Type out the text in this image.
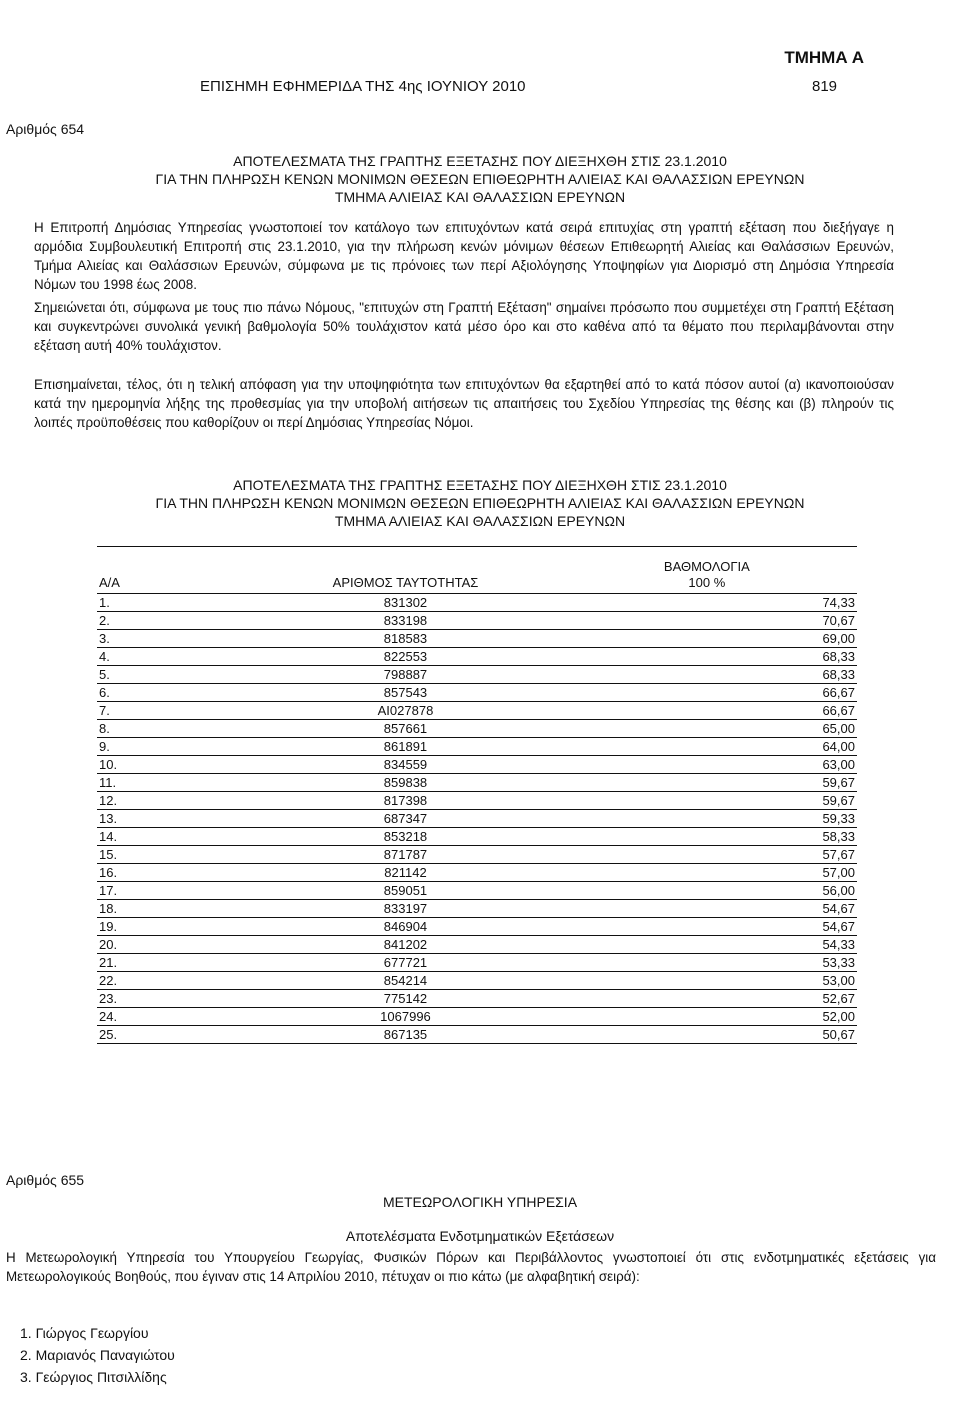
ΤΜΗΜΑ Α
ΕΠΙΣΗΜΗ ΕΦΗΜΕΡΙΔΑ ΤΗΣ 4ης ΙΟΥΝΙΟΥ 2010	819
Αριθμός 654
ΑΠΟΤΕΛΕΣΜΑΤΑ ΤΗΣ ΓΡΑΠΤΗΣ ΕΞΕΤΑΣΗΣ ΠΟΥ ΔΙΕΞΗΧΘΗ ΣΤΙΣ 23.1.2010
ΓΙΑ ΤΗΝ ΠΛΗΡΩΣΗ ΚΕΝΩΝ ΜΟΝΙΜΩΝ ΘΕΣΕΩΝ ΕΠΙΘΕΩΡΗΤΗ ΑΛΙΕΙΑΣ ΚΑΙ ΘΑΛΑΣΣΙΩΝ ΕΡΕΥΝΩΝ
ΤΜΗΜΑ ΑΛΙΕΙΑΣ ΚΑΙ ΘΑΛΑΣΣΙΩΝ ΕΡΕΥΝΩΝ

Η Επιτροπή Δημόσιας Υπηρεσίας γνωστοποιεί τον κατάλογο των επιτυχόντων κατά σειρά επιτυχίας στη γραπτή εξέταση που διεξήγαγε η αρμόδια Συμβουλευτική Επιτροπή στις 23.1.2010, για την πλήρωση κενών μόνιμων θέσεων Επιθεωρητή Αλιείας και Θαλάσσιων Ερευνών, Τμήμα Αλιείας και Θαλάσσιων Ερευνών, σύμφωνα με τις πρόνοιες των περί Αξιολόγησης Υποψηφίων για Διορισμό στη Δημόσια Υπηρεσία Νόμων του 1998 έως 2008.

Σημειώνεται ότι, σύμφωνα με τους πιο πάνω Νόμους, "επιτυχών στη Γραπτή Εξέταση" σημαίνει πρόσωπο που συμμετέχει στη Γραπτή Εξέταση και συγκεντρώνει συνολικά γενική βαθμολογία 50% τουλάχιστον κατά μέσο όρο και στο καθένα από τα θέματο που περιλαμβάνονται στην εξέταση αυτή 40% τουλάχιστον.

Επισημαίνεται, τέλος, ότι η τελική απόφαση για την υποψηφιότητα των επιτυχόντων θα εξαρτηθεί από το κατά πόσον αυτοί (α) ικανοποιούσαν κατά την ημερομηνία λήξης της προθεσμίας για την υποβολή αιτήσεων τις απαιτήσεις του Σχεδίου Υπηρεσίας της θέσης και (β) πληρούν τις λοιπές προϋποθέσεις που καθορίζουν οι περί Δημόσιας Υπηρεσίας Νόμοι.

ΑΠΟΤΕΛΕΣΜΑΤΑ ΤΗΣ ΓΡΑΠΤΗΣ ΕΞΕΤΑΣΗΣ ΠΟΥ ΔΙΕΞΗΧΘΗ ΣΤΙΣ 23.1.2010
ΓΙΑ ΤΗΝ ΠΛΗΡΩΣΗ ΚΕΝΩΝ ΜΟΝΙΜΩΝ ΘΕΣΕΩΝ ΕΠΙΘΕΩΡΗΤΗ ΑΛΙΕΙΑΣ ΚΑΙ ΘΑΛΑΣΣΙΩΝ ΕΡΕΥΝΩΝ
ΤΜΗΜΑ ΑΛΙΕΙΑΣ ΚΑΙ ΘΑΛΑΣΣΙΩΝ ΕΡΕΥΝΩΝ
Α/Α	ΑΡΙΘΜΟΣ ΤΑΥΤΟΤΗΤΑΣ	ΒΑΘΜΟΛΟΓΙΑ
100 %

1.	831302	74,33
2.	833198	70,67
3.	818583	69,00
4.	822553	68,33
5.	798887	68,33
6.	857543	66,67
7.	AI027878	66,67
8.	857661	65,00
9.	861891	64,00
10.	834559	63,00
11.	859838	59,67
12.	817398	59,67
13.	687347	59,33
14.	853218	58,33
15.	871787	57,67
16.	821142	57,00
17.	859051	56,00
18.	833197	54,67
19.	846904	54,67
20.	841202	54,33
21.	677721	53,33
22.	854214	53,00
23.	775142	52,67
24.	1067996	52,00
25.	867135	50,67
Αριθμός 655
ΜΕΤΕΩΡΟΛΟΓΙΚΗ ΥΠΗΡΕΣΙΑ
Αποτελέσματα Ενδοτμηματικών Εξετάσεων

Η Μετεωρολογική Υπηρεσία του Υπουργείου Γεωργίας, Φυσικών Πόρων και Περιβάλλοντος γνωστοποιεί ότι στις ενδοτμηματικές εξετάσεις για Μετεωρολογικούς Βοηθούς, που έγιναν στις 14 Απριλίου 2010, πέτυχαν οι πιο κάτω (με αλφαβητική σειρά):

1. Γιώργος Γεωργίου
2. Μαριανός Παναγιώτου
3. Γεώργιος Πιτσιλλίδης
